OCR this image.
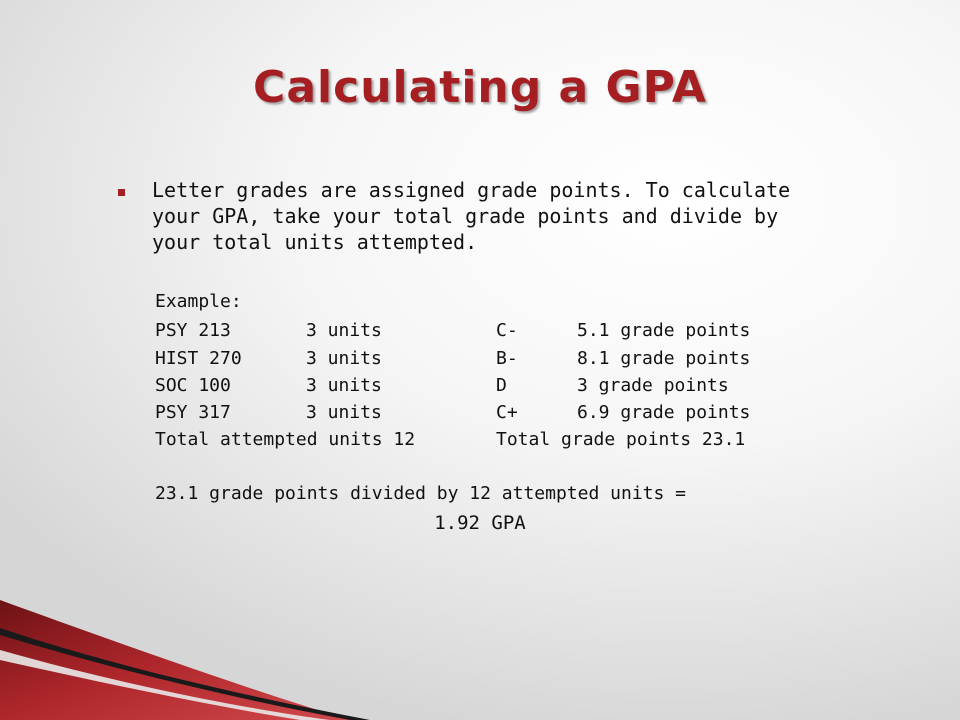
Calculating a GPA

Letter grades are assigned grade points. To calculate your GPA, take your total grade points and divide by your total units attempted.

Example:
PSY 213	3 units	C-	5.1 grade points
HIST 270	3 units	B-	8.1 grade points
SOC 100	3 units	D	3 grade points
PSY 317	3 units	C+	6.9 grade points
Total attempted units 12	Total grade points 23.1
23.1 grade points divided by 12 attempted units =
1.92 GPA
